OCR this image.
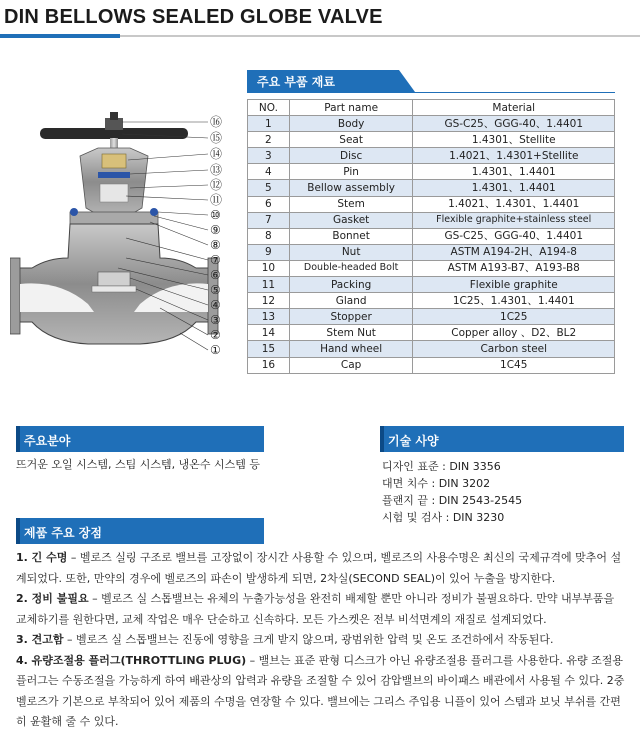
DIN BELLOWS SEALED GLOBE VALVE
⑯
⑮
⑭
⑬
⑫
⑪
⑩
⑨
⑧
⑦
⑥
⑤
④
③
②
①
주요 부품 재료
NO.	Part name	Material
1	Body	GS-C25、GGG-40、1.4401
2	Seat	1.4301、Stellite
3	Disc	1.4021、1.4301+Stellite
4	Pin	1.4301、1.4401
5	Bellow assembly	1.4301、1.4401
6	Stem	1.4021、1.4301、1.4401
7	Gasket	Flexible graphite+stainless steel
8	Bonnet	GS-C25、GGG-40、1.4401
9	Nut	ASTM A194-2H、A194-8
10	Double-headed Bolt	ASTM A193-B7、A193-B8
11	Packing	Flexible graphite
12	Gland	1C25、1.4301、1.4401
13	Stopper	1C25
14	Stem Nut	Copper alloy 、D2、BL2
15	Hand wheel	Carbon steel
16	Cap	1C45
주요분야
뜨거운 오일 시스템, 스팀 시스템, 냉온수 시스템 등
기술 사양
디자인 표준 : DIN 3356
대면 치수 : DIN 3202
플랜지 끝 : DIN 2543-2545
시험 및 검사 : DIN 3230
제품 주요 장점

1. 긴 수명 – 벨로즈 실링 구조로 밸브를 고장없이 장시간 사용할 수 있으며, 벨로즈의 사용수명은 최신의 국제규격에 맞추어 설계되었다. 또한, 만약의 경우에 벨로즈의 파손이 발생하게 되면, 2차실(SECOND SEAL)이 있어 누출을 방지한다.

2. 정비 불필요 – 벨로즈 실 스톱밸브는 유체의 누출가능성을 완전히 배제할 뿐만 아니라 정비가 불필요하다. 만약 내부부품을 교체하기를 원한다면, 교체 작업은 매우 단순하고 신속하다. 모든 가스켓은 전부 비석면계의 재질로 설계되었다.

3. 견고함 – 벨로즈 실 스톱밸브는 진동에 영향을 크게 받지 않으며, 광범위한 압력 및 온도 조건하에서 작동된다.

4. 유량조절용 플러그(THROTTLING PLUG) – 밸브는 표준 판형 디스크가 아닌 유량조절용 플러그를 사용한다. 유량 조절용 플러그는 수동조절을 가능하게 하여 배관상의 압력과 유량을 조절할 수 있어 감압밸브의 바이패스 배관에서 사용될 수 있다. 2중 벨로즈가 기본으로 부착되어 있어 제품의 수명을 연장할 수 있다. 밸브에는 그리스 주입용 니플이 있어 스템과 보닛 부쉬를 간편히 윤활해 줄 수 있다.
